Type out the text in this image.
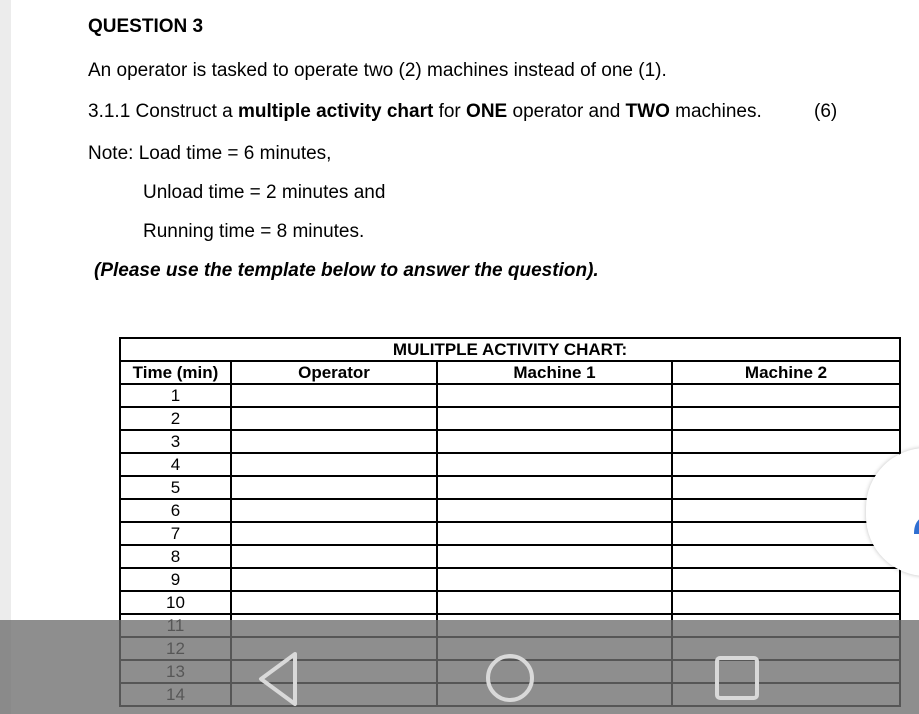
QUESTION 3
An operator is tasked to operate two (2) machines instead of one (1).
3.1.1 Construct a multiple activity chart for ONE operator and TWO machines.	(6)
Note: Load time = 6 minutes,
Unload time = 2 minutes and
Running time = 8 minutes.
(Please use the template below to answer the question).
MULITPLE ACTIVITY CHART:			
Time (min)	Operator	Machine 1	Machine 2
1			
2			
3			
4			
5			
6			
7			
8			
9			
10			
